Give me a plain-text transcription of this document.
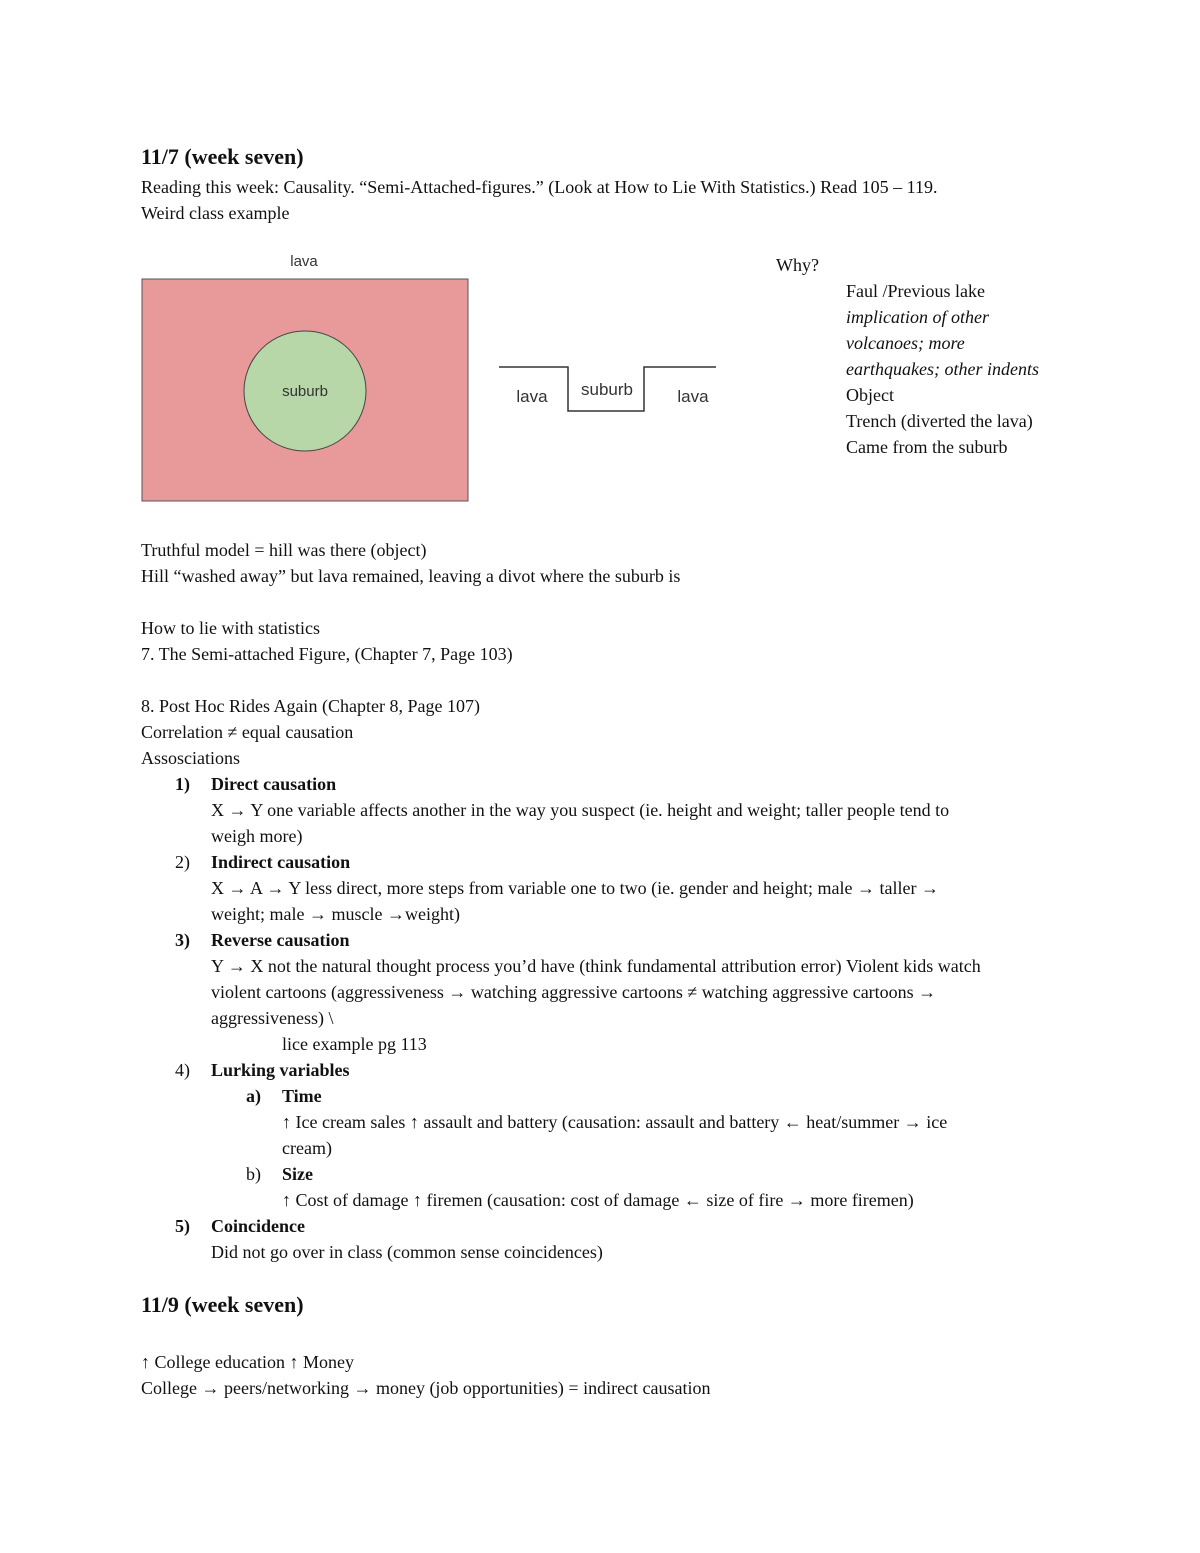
11/7 (week seven)
Reading this week: Causality. “Semi-Attached-figures.” (Look at How to Lie With Statistics.) Read 105 – 119.
Weird class example
lava
suburb	lava suburb	lava
Why?
Faul /Previous lake
implication of other
volcanoes; more
earthquakes; other indents
Object
Trench (diverted the lava)
Came from the suburb
Truthful model = hill was there (object)
Hill “washed away” but lava remained, leaving a divot where the suburb is
How to lie with statistics
7. The Semi-attached Figure, (Chapter 7, Page 103)
8. Post Hoc Rides Again (Chapter 8, Page 107)
Correlation ≠ equal causation
Assosciations
1) Direct causation
X → Y one variable affects another in the way you suspect (ie. height and weight; taller people tend to
weigh more)
2) Indirect causation
X → A → Y less direct, more steps from variable one to two (ie. gender and height; male → taller →
weight; male → muscle →weight)
3) Reverse causation
Y → X not the natural thought process you’d have (think fundamental attribution error) Violent kids watch
violent cartoons (aggressiveness → watching aggressive cartoons ≠ watching aggressive cartoons →
aggressiveness) \
lice example pg 113
4) Lurking variables
a) Time
↑ Ice cream sales ↑ assault and battery (causation: assault and battery ← heat/summer → ice
cream)
b) Size
↑ Cost of damage ↑ firemen (causation: cost of damage ← size of fire → more firemen)
5) Coincidence
Did not go over in class (common sense coincidences)
11/9 (week seven)
↑ College education ↑ Money
College → peers/networking → money (job opportunities) = indirect causation
